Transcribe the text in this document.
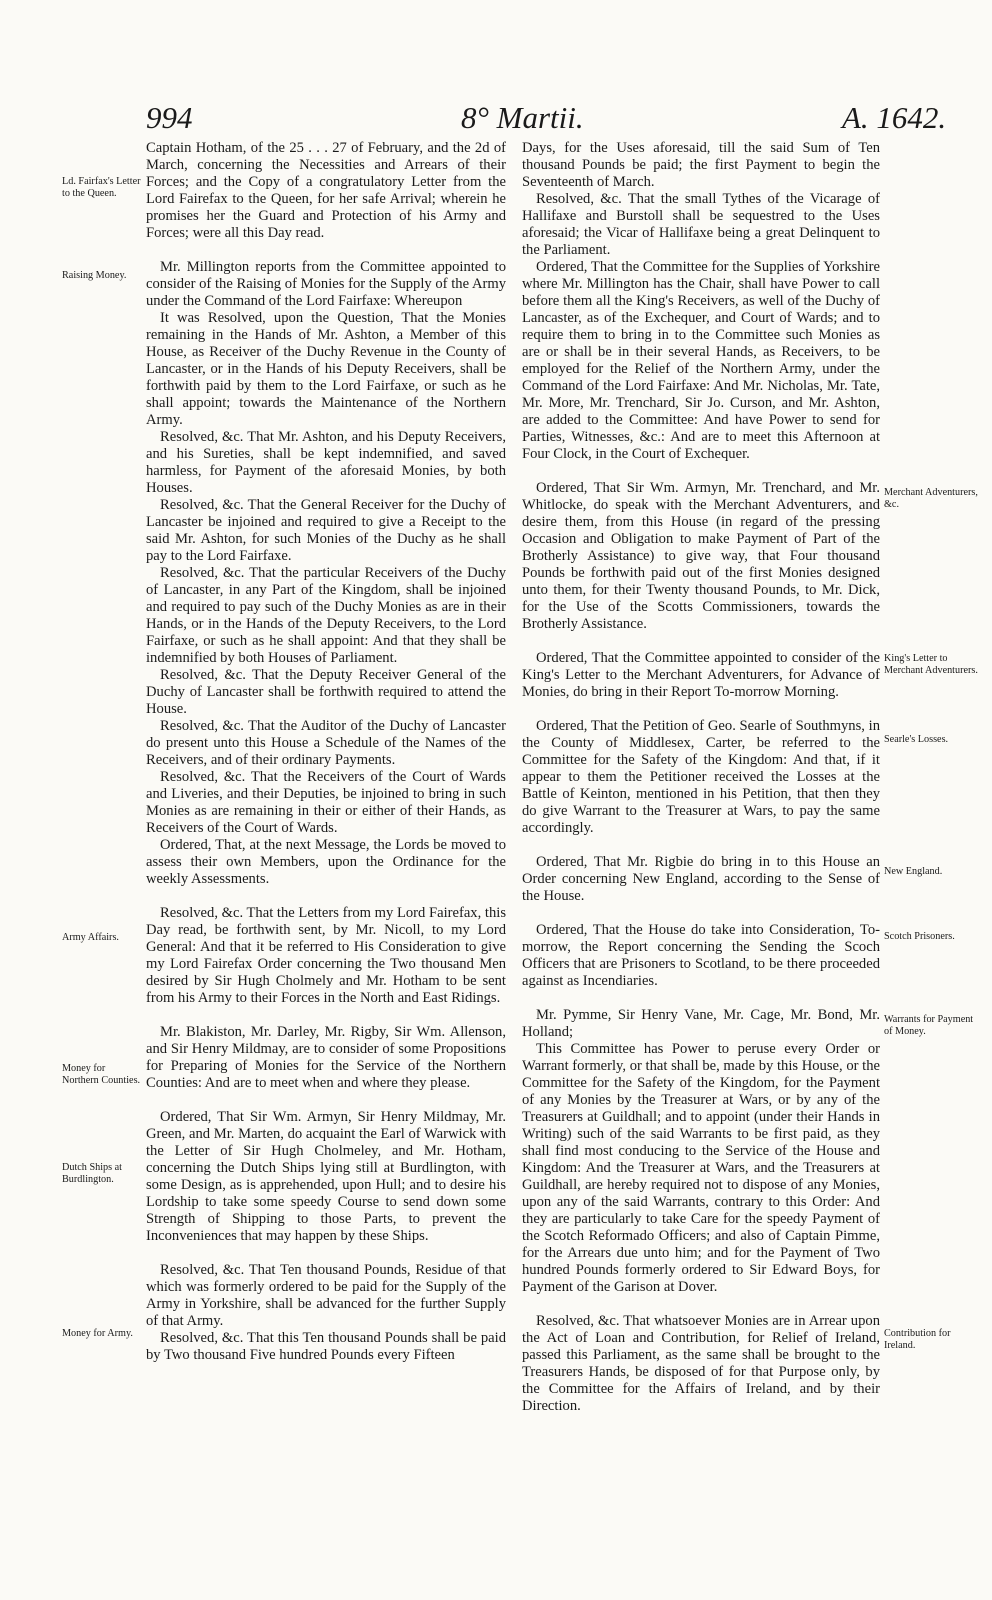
994	8° Martii.	A. 1642.
Ld. Fairfax's Letter to the Queen.
Raising Money.
Army Affairs.
Money for Northern Counties.
Dutch Ships at Burdlington.
Money for Army.
Merchant Adventurers, &c.
King's Letter to Merchant Adventurers.
Searle's Losses.
New England.
Scotch Prisoners.
Warrants for Payment of Money.
Contribution for Ireland.

Captain Hotham, of the 25 . . . 27 of February, and the 2d of March, concerning the Necessities and Arrears of their Forces; and the Copy of a congratulatory Letter from the Lord Fairefax to the Queen, for her safe Arrival; wherein he promises her the Guard and Protection of his Army and Forces; were all this Day read.

Mr. Millington reports from the Committee appointed to consider of the Raising of Monies for the Supply of the Army under the Command of the Lord Fairfaxe: Whereupon

It was Resolved, upon the Question, That the Monies remaining in the Hands of Mr. Ashton, a Member of this House, as Receiver of the Duchy Revenue in the County of Lancaster, or in the Hands of his Deputy Receivers, shall be forthwith paid by them to the Lord Fairfaxe, or such as he shall appoint; towards the Maintenance of the Northern Army.

Resolved, &c. That Mr. Ashton, and his Deputy Receivers, and his Sureties, shall be kept indemnified, and saved harmless, for Payment of the aforesaid Monies, by both Houses.

Resolved, &c. That the General Receiver for the Duchy of Lancaster be injoined and required to give a Receipt to the said Mr. Ashton, for such Monies of the Duchy as he shall pay to the Lord Fairfaxe.

Resolved, &c. That the particular Receivers of the Duchy of Lancaster, in any Part of the Kingdom, shall be injoined and required to pay such of the Duchy Monies as are in their Hands, or in the Hands of the Deputy Receivers, to the Lord Fairfaxe, or such as he shall appoint: And that they shall be indemnified by both Houses of Parliament.

Resolved, &c. That the Deputy Receiver General of the Duchy of Lancaster shall be forthwith required to attend the House.

Resolved, &c. That the Auditor of the Duchy of Lancaster do present unto this House a Schedule of the Names of the Receivers, and of their ordinary Payments.

Resolved, &c. That the Receivers of the Court of Wards and Liveries, and their Deputies, be injoined to bring in such Monies as are remaining in their or either of their Hands, as Receivers of the Court of Wards.

Ordered, That, at the next Message, the Lords be moved to assess their own Members, upon the Ordinance for the weekly Assessments.

Resolved, &c. That the Letters from my Lord Fairefax, this Day read, be forthwith sent, by Mr. Nicoll, to my Lord General: And that it be referred to His Consideration to give my Lord Fairefax Order concerning the Two thousand Men desired by Sir Hugh Cholmely and Mr. Hotham to be sent from his Army to their Forces in the North and East Ridings.

Mr. Blakiston, Mr. Darley, Mr. Rigby, Sir Wm. Allenson, and Sir Henry Mildmay, are to consider of some Propositions for Preparing of Monies for the Service of the Northern Counties: And are to meet when and where they please.

Ordered, That Sir Wm. Armyn, Sir Henry Mildmay, Mr. Green, and Mr. Marten, do acquaint the Earl of Warwick with the Letter of Sir Hugh Cholmeley, and Mr. Hotham, concerning the Dutch Ships lying still at Burdlington, with some Design, as is apprehended, upon Hull; and to desire his Lordship to take some speedy Course to send down some Strength of Shipping to those Parts, to prevent the Inconveniences that may happen by these Ships.

Resolved, &c. That Ten thousand Pounds, Residue of that which was formerly ordered to be paid for the Supply of the Army in Yorkshire, shall be advanced for the further Supply of that Army.

Resolved, &c. That this Ten thousand Pounds shall be paid by Two thousand Five hundred Pounds every Fifteen

Days, for the Uses aforesaid, till the said Sum of Ten thousand Pounds be paid; the first Payment to begin the Seventeenth of March.

Resolved, &c. That the small Tythes of the Vicarage of Hallifaxe and Burstoll shall be sequestred to the Uses aforesaid; the Vicar of Hallifaxe being a great Delinquent to the Parliament.

Ordered, That the Committee for the Supplies of Yorkshire where Mr. Millington has the Chair, shall have Power to call before them all the King's Receivers, as well of the Duchy of Lancaster, as of the Exchequer, and Court of Wards; and to require them to bring in to the Committee such Monies as are or shall be in their several Hands, as Receivers, to be employed for the Relief of the Northern Army, under the Command of the Lord Fairfaxe: And Mr. Nicholas, Mr. Tate, Mr. More, Mr. Trenchard, Sir Jo. Curson, and Mr. Ashton, are added to the Committee: And have Power to send for Parties, Witnesses, &c.: And are to meet this Afternoon at Four Clock, in the Court of Exchequer.

Ordered, That Sir Wm. Armyn, Mr. Trenchard, and Mr. Whitlocke, do speak with the Merchant Adventurers, and desire them, from this House (in regard of the pressing Occasion and Obligation to make Payment of Part of the Brotherly Assistance) to give way, that Four thousand Pounds be forthwith paid out of the first Monies designed unto them, for their Twenty thousand Pounds, to Mr. Dick, for the Use of the Scotts Commissioners, towards the Brotherly Assistance.

Ordered, That the Committee appointed to consider of the King's Letter to the Merchant Adventurers, for Advance of Monies, do bring in their Report To-morrow Morning.

Ordered, That the Petition of Geo. Searle of Southmyns, in the County of Middlesex, Carter, be referred to the Committee for the Safety of the Kingdom: And that, if it appear to them the Petitioner received the Losses at the Battle of Keinton, mentioned in his Petition, that then they do give Warrant to the Treasurer at Wars, to pay the same accordingly.

Ordered, That Mr. Rigbie do bring in to this House an Order concerning New England, according to the Sense of the House.

Ordered, That the House do take into Consideration, To-morrow, the Report concerning the Sending the Scoch Officers that are Prisoners to Scotland, to be there proceeded against as Incendiaries.

Mr. Pymme, Sir Henry Vane, Mr. Cage, Mr. Bond, Mr. Holland;

This Committee has Power to peruse every Order or Warrant formerly, or that shall be, made by this House, or the Committee for the Safety of the Kingdom, for the Payment of any Monies by the Treasurer at Wars, or by any of the Treasurers at Guildhall; and to appoint (under their Hands in Writing) such of the said Warrants to be first paid, as they shall find most conducing to the Service of the House and Kingdom: And the Treasurer at Wars, and the Treasurers at Guildhall, are hereby required not to dispose of any Monies, upon any of the said Warrants, contrary to this Order: And they are particularly to take Care for the speedy Payment of the Scotch Reformado Officers; and also of Captain Pimme, for the Arrears due unto him; and for the Payment of Two hundred Pounds formerly ordered to Sir Edward Boys, for Payment of the Garison at Dover.

Resolved, &c. That whatsoever Monies are in Arrear upon the Act of Loan and Contribution, for Relief of Ireland, passed this Parliament, as the same shall be brought to the Treasurers Hands, be disposed of for that Purpose only, by the Committee for the Affairs of Ireland, and by their Direction.
